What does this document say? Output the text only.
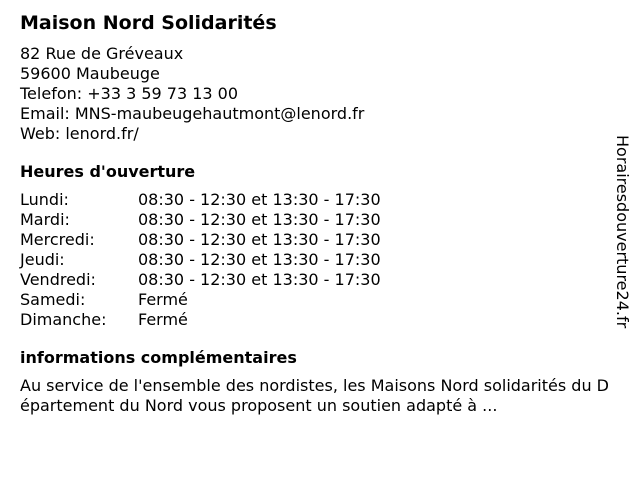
Maison Nord Solidarités
82 Rue de Gréveaux
59600 Maubeuge
Telefon: +33 3 59 73 13 00
Email: MNS-maubeugehautmont@lenord.fr
Web: lenord.fr/
Heures d'ouverture
Lundi:	08:30 - 12:30 et 13:30 - 17:30
Mardi:	08:30 - 12:30 et 13:30 - 17:30
Mercredi:	08:30 - 12:30 et 13:30 - 17:30
Jeudi:	08:30 - 12:30 et 13:30 - 17:30
Vendredi:	08:30 - 12:30 et 13:30 - 17:30
Samedi:	Fermé
Dimanche:	Fermé
informations complémentaires
Au service de l'ensemble des nordistes, les Maisons Nord solidarités du Département du Nord vous proposent un soutien adapté à ...
Horairesdouverture24.fr
